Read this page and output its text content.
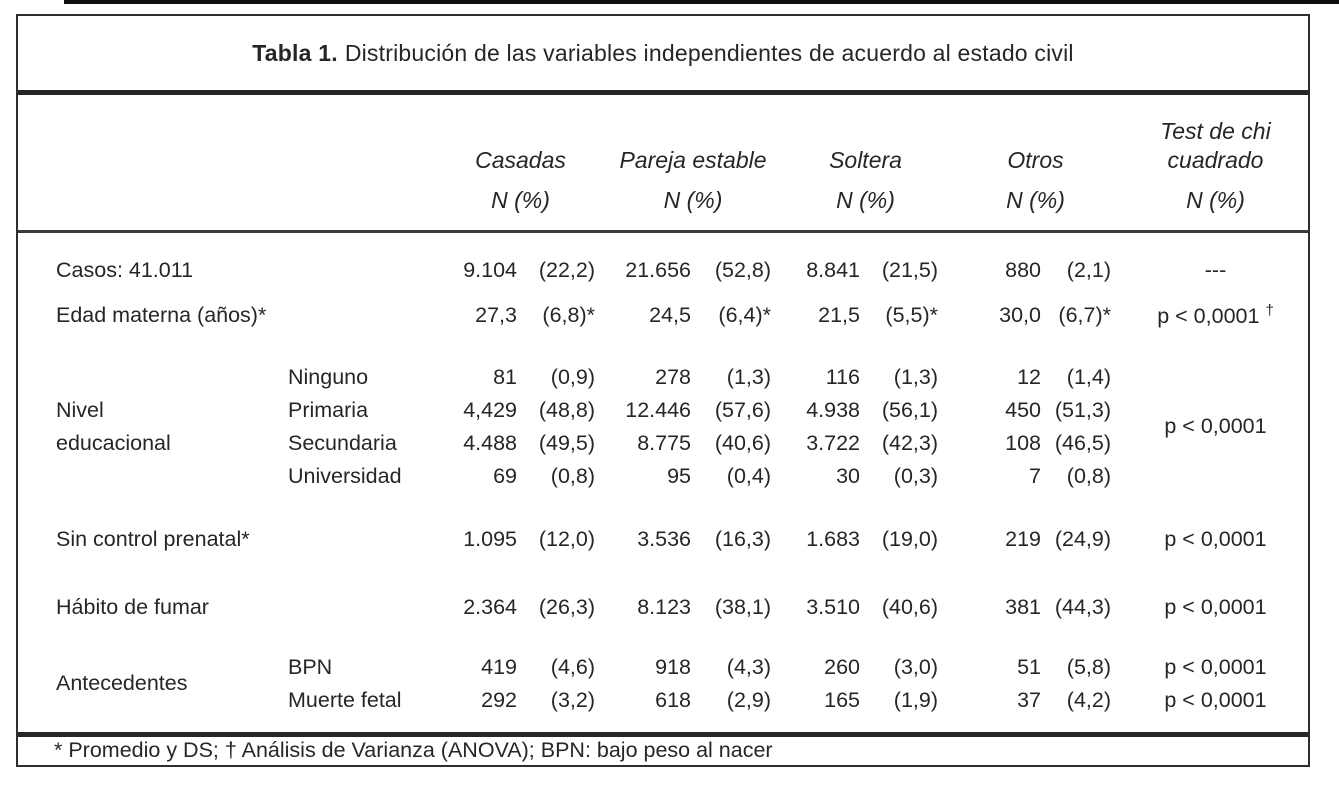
Tabla 1. Distribución de las variables independientes de acuerdo al estado civil
		Casadas	Pareja estable	Soltera	Otros	Test de chi cuadrado
		N (%)	N (%)	N (%)	N (%)	N (%)

Casos: 41.011		9.104 (22,2)	21.656 (52,8)	8.841 (21,5)	880 (2,1)	---
Edad materna (años)*		27,3 (6,8)*	24,5 (6,4)*	21,5 (5,5)*	30,0 (6,7)*	p < 0,0001 †

Nivel educacional	Ninguno	81 (0,9)	278 (1,3)	116 (1,3)	12 (1,4)	p < 0,0001
	Primaria	4,429 (48,8)	12.446 (57,6)	4.938 (56,1)	450 (51,3)	

	Secundaria	4.488 (49,5)	8.775 (40,6)	3.722 (42,3)	108 (46,5)	

	Universidad	69 (0,8)	95 (0,4)	30 (0,3)	7 (0,8)	

Sin control prenatal*		1.095 (12,0)	3.536 (16,3)	1.683 (19,0)	219 (24,9)	p < 0,0001

Hábito de fumar		2.364 (26,3)	8.123 (38,1)	3.510 (40,6)	381 (44,3)	p < 0,0001

Antecedentes	BPN	419 (4,6)	918 (4,3)	260 (3,0)	51 (5,8)	p < 0,0001
	Muerte fetal	292 (3,2)	618 (2,9)	165 (1,9)	37 (4,2)	p < 0,0001

* Promedio y DS; † Análisis de Varianza (ANOVA); BPN: bajo peso al nacer
